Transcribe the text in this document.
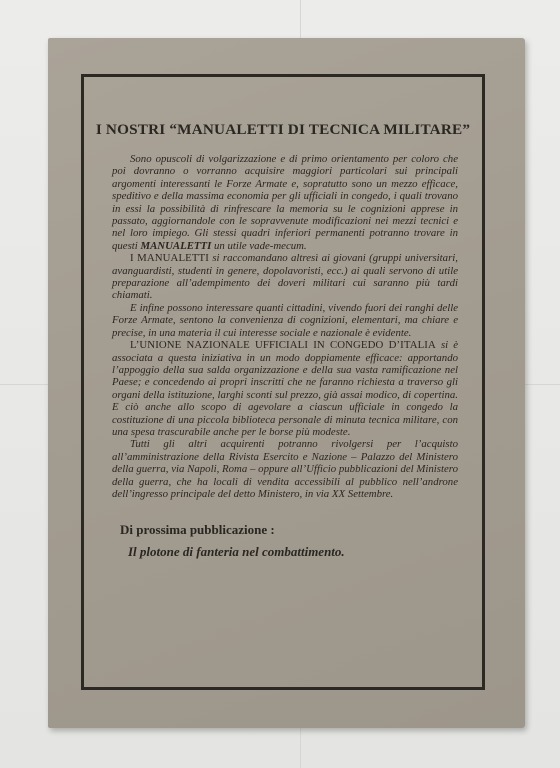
I NOSTRI “MANUALETTI DI TECNICA MILITARE”

Sono opuscoli di volgarizzazione e di primo orientamento per coloro che poi dovranno o vorranno acquisire maggiori particolari sui principali argomenti interessanti le Forze Armate e, sopratutto sono un mezzo efficace, speditivo e della massima economia per gli ufficiali in congedo, i quali trovano in essi la possibilità di rinfrescare la memoria su le cognizioni apprese in passato, aggiornandole con le sopravvenute modificazioni nei mezzi tecnici e nel loro impiego. Gli stessi quadri inferiori permanenti potranno trovare in questi MANUALETTI un utile vade-mecum.

I MANUALETTI si raccomandano altresì ai giovani (gruppi universitari, avanguardisti, studenti in genere, dopolavoristi, ecc.) ai quali servono di utile preparazione all’adempimento dei doveri militari cui saranno più tardi chiamati.

E infine possono interessare quanti cittadini, vivendo fuori dei ranghi delle Forze Armate, sentono la convenienza di cognizioni, elementari, ma chiare e precise, in una materia il cui interesse sociale e nazionale è evidente.

L’UNIONE NAZIONALE UFFICIALI IN CONGEDO D’ITALIA si è associata a questa iniziativa in un modo doppiamente efficace: apportando l’appoggio della sua salda organizzazione e della sua vasta ramificazione nel Paese; e concedendo ai propri inscritti che ne faranno richiesta a traverso gli organi della istituzione, larghi sconti sul prezzo, già assai modico, di copertina. E ciò anche allo scopo di agevolare a ciascun ufficiale in congedo la costituzione di una piccola biblioteca personale di minuta tecnica militare, con una spesa trascurabile anche per le borse più modeste.

Tutti gli altri acquirenti potranno rivolgersi per l’acquisto all’amministrazione della Rivista Esercito e Nazione – Palazzo del Ministero della guerra, via Napoli, Roma – oppure all’Ufficio pubblicazioni del Ministero della guerra, che ha locali di vendita accessibili al pubblico nell’androne dell’ingresso principale del detto Ministero, in via XX Settembre.

Di prossima pubblicazione :
Il plotone di fanteria nel combattimento.
